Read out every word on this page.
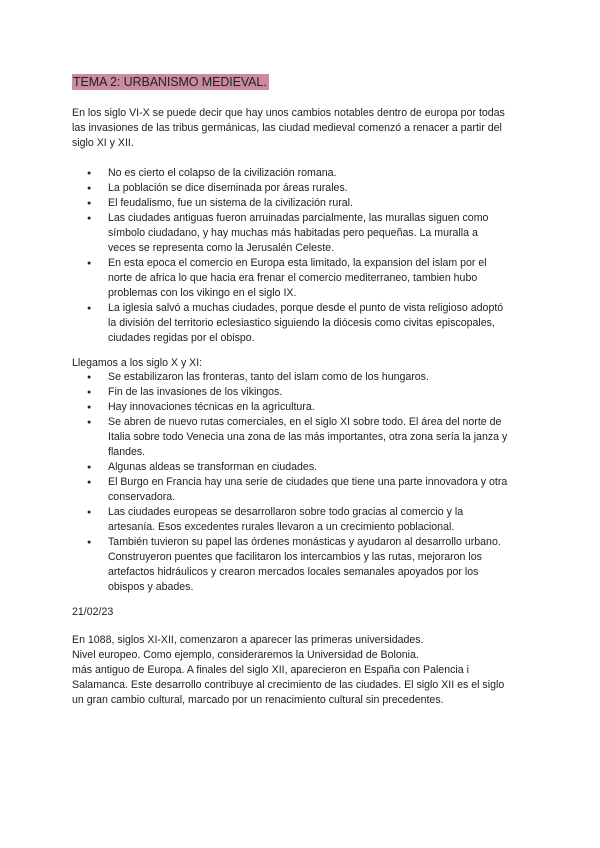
TEMA 2: URBANISMO MEDIEVAL.

En los siglo VI-X se puede decir que hay unos cambios notables dentro de europa por todas
las invasiones de las tribus germánicas, las ciudad medieval comenzó a renacer a partir del
siglo XI y XII.

● No es cierto el colapso de la civilización romana.
● La población se dice diseminada por áreas rurales.
● El feudalismo, fue un sistema de la civilización rural.
● Las ciudades antiguas fueron arruinadas parcialmente, las murallas siguen como
símbolo ciudadano, y hay muchas más habitadas pero pequeñas. La muralla a
veces se representa como la Jerusalén Celeste.
● En esta epoca el comercio en Europa esta limitado, la expansion del islam por el
norte de africa lo que hacia era frenar el comercio mediterraneo, tambien hubo
problemas con los vikingo en el siglo IX.
● La iglesia salvó a muchas ciudades, porque desde el punto de vista religioso adoptó
la división del territorio eclesiastico siguiendo la diócesis como civitas episcopales,
ciudades regidas por el obispo.

Llegamos a los siglo X y XI:

● Se estabilizaron las fronteras, tanto del islam como de los hungaros.
● Fin de las invasiones de los vikingos.
● Hay innovaciones técnicas en la agricultura.
● Se abren de nuevo rutas comerciales, en el siglo XI sobre todo. El área del norte de
Italia sobre todo Venecia una zona de las más importantes, otra zona sería la janza y
flandes.
● Algunas aldeas se transforman en ciudades.
● El Burgo en Francia hay una serie de ciudades que tiene una parte innovadora y otra
conservadora.
● Las ciudades europeas se desarrollaron sobre todo gracias al comercio y la
artesanía. Esos excedentes rurales llevaron a un crecimiento poblacional.
● También tuvieron su papel las órdenes monásticas y ayudaron al desarrollo urbano.
Construyeron puentes que facilitaron los intercambios y las rutas, mejoraron los
artefactos hidráulicos y crearon mercados locales semanales apoyados por los
obispos y abades.
21/02/23

En 1088, siglos XI-XII, comenzaron a aparecer las primeras universidades.
Nivel europeo. Como ejemplo, consideraremos la Universidad de Bolonia.
más antiguo de Europa. A finales del siglo XII, aparecieron en España con Palencia i
Salamanca. Este desarrollo contribuye al crecimiento de las ciudades. El siglo XII es el siglo
un gran cambio cultural, marcado por un renacimiento cultural sin precedentes.
